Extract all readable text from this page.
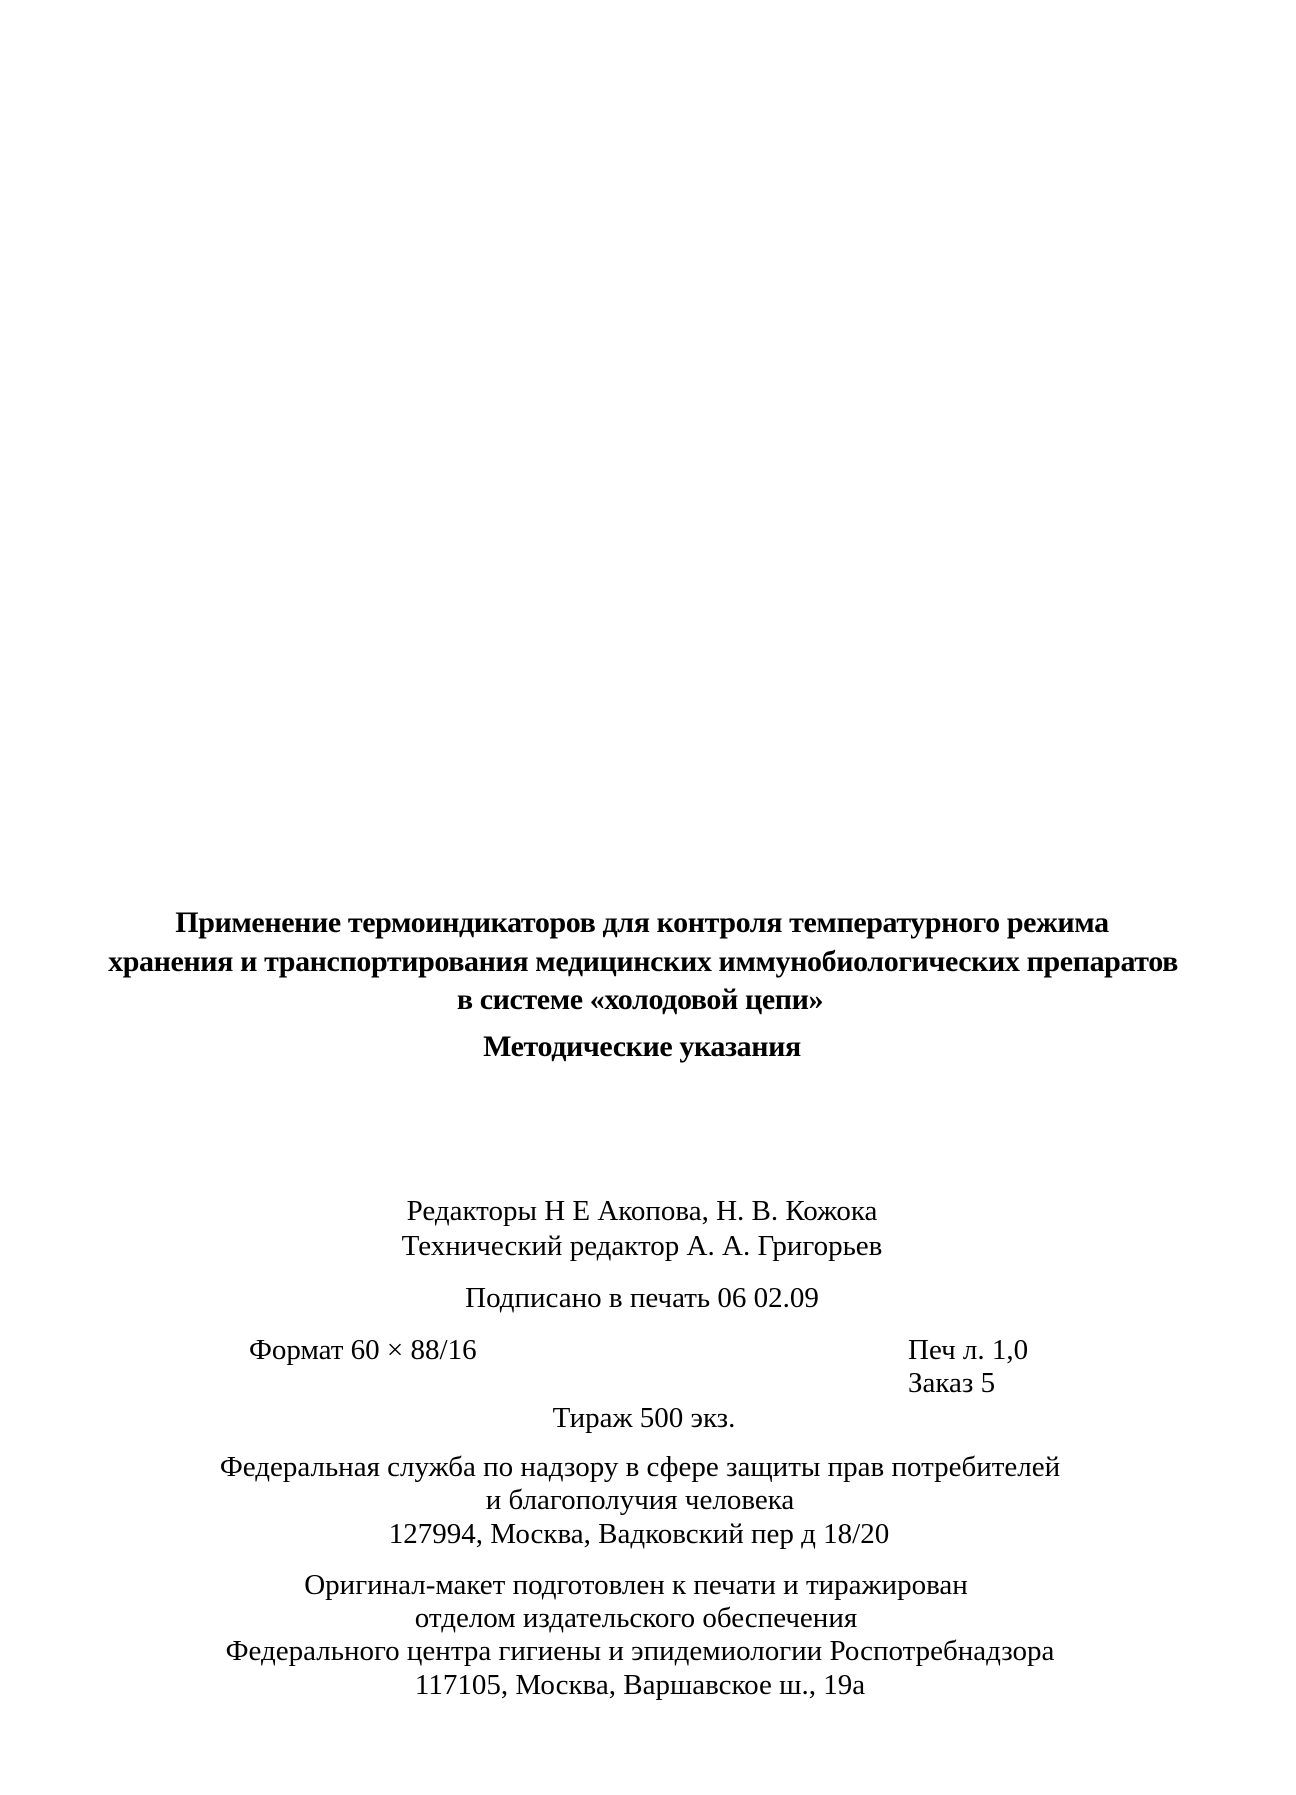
Применение термоиндикаторов для контроля температурного режима
хранения и транспортирования медицинских иммунобиологических препаратов
в системе «холодовой цепи»
Методические указания
Редакторы Н Е Акопова, Н. В. Кожока
Технический редактор А. А. Григорьев
Подписано в печать 06 02.09
Формат 60 × 88/16	Печ л. 1,0
Заказ 5
Тираж 500 экз.
Федеральная служба по надзору в сфере защиты прав потребителей
и благополучия человека
127994, Москва, Вадковский пер д 18/20
Оригинал-макет подготовлен к печати и тиражирован
отделом издательского обеспечения
Федерального центра гигиены и эпидемиологии Роспотребнадзора
117105, Москва, Варшавское ш., 19а
